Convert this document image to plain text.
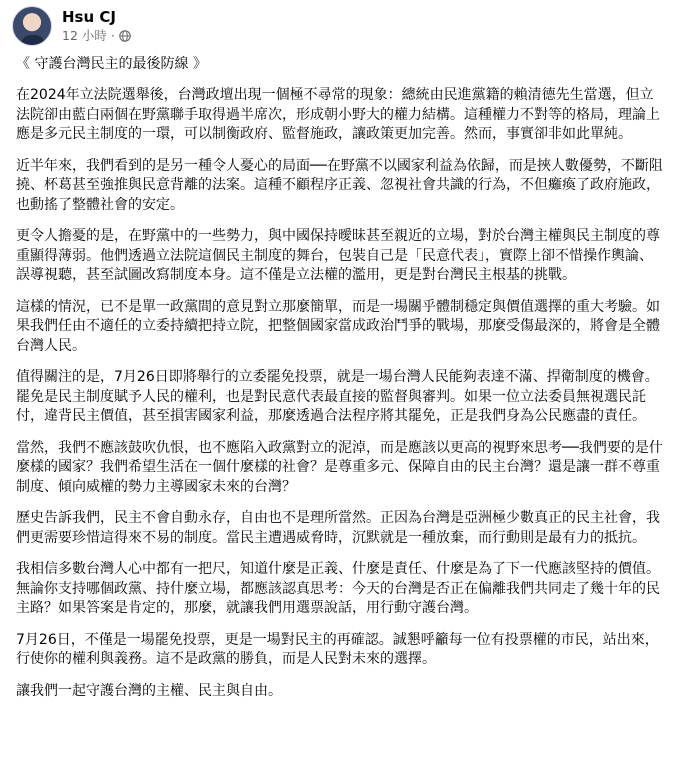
Hsu CJ
12 小時 ·

《 守護台灣民主的最後防線 》

在2024年立法院選舉後，台灣政壇出現一個極不尋常的現象：總統由民進黨籍的賴清德先生當選，但立法院卻由藍白兩個在野黨聯手取得過半席次，形成朝小野大的權力結構。這種權力不對等的格局，理論上應是多元民主制度的一環，可以制衡政府、監督施政，讓政策更加完善。然而，事實卻非如此單純。

近半年來，我們看到的是另一種令人憂心的局面──在野黨不以國家利益為依歸，而是挾人數優勢，不斷阻撓、杯葛甚至強推與民意背離的法案。這種不顧程序正義、忽視社會共識的行為，不但癱瘓了政府施政，也動搖了整體社會的安定。

更令人擔憂的是，在野黨中的一些勢力，與中國保持曖昧甚至親近的立場，對於台灣主權與民主制度的尊重顯得薄弱。他們透過立法院這個民主制度的舞台，包裝自己是「民意代表」，實際上卻不惜操作輿論、誤導視聽，甚至試圖改寫制度本身。這不僅是立法權的濫用，更是對台灣民主根基的挑戰。

這樣的情況，已不是單一政黨間的意見對立那麼簡單，而是一場關乎體制穩定與價值選擇的重大考驗。如果我們任由不適任的立委持續把持立院，把整個國家當成政治鬥爭的戰場，那麼受傷最深的，將會是全體台灣人民。

值得關注的是，7月26日即將舉行的立委罷免投票，就是一場台灣人民能夠表達不滿、捍衛制度的機會。罷免是民主制度賦予人民的權利，也是對民意代表最直接的監督與審判。如果一位立法委員無視選民託付，違背民主價值，甚至損害國家利益，那麼透過合法程序將其罷免，正是我們身為公民應盡的責任。

當然，我們不應該鼓吹仇恨，也不應陷入政黨對立的泥淖，而是應該以更高的視野來思考──我們要的是什麼樣的國家？我們希望生活在一個什麼樣的社會？是尊重多元、保障自由的民主台灣？還是讓一群不尊重制度、傾向威權的勢力主導國家未來的台灣？

歷史告訴我們，民主不會自動永存，自由也不是理所當然。正因為台灣是亞洲極少數真正的民主社會，我們更需要珍惜這得來不易的制度。當民主遭遇威脅時，沉默就是一種放棄，而行動則是最有力的抵抗。

我相信多數台灣人心中都有一把尺，知道什麼是正義、什麼是責任、什麼是為了下一代應該堅持的價值。無論你支持哪個政黨、持什麼立場，都應該認真思考：今天的台灣是否正在偏離我們共同走了幾十年的民主路？如果答案是肯定的，那麼，就讓我們用選票說話，用行動守護台灣。

7月26日，不僅是一場罷免投票，更是一場對民主的再確認。誠懇呼籲每一位有投票權的市民，站出來，行使你的權利與義務。這不是政黨的勝負，而是人民對未來的選擇。

讓我們一起守護台灣的主權、民主與自由。
